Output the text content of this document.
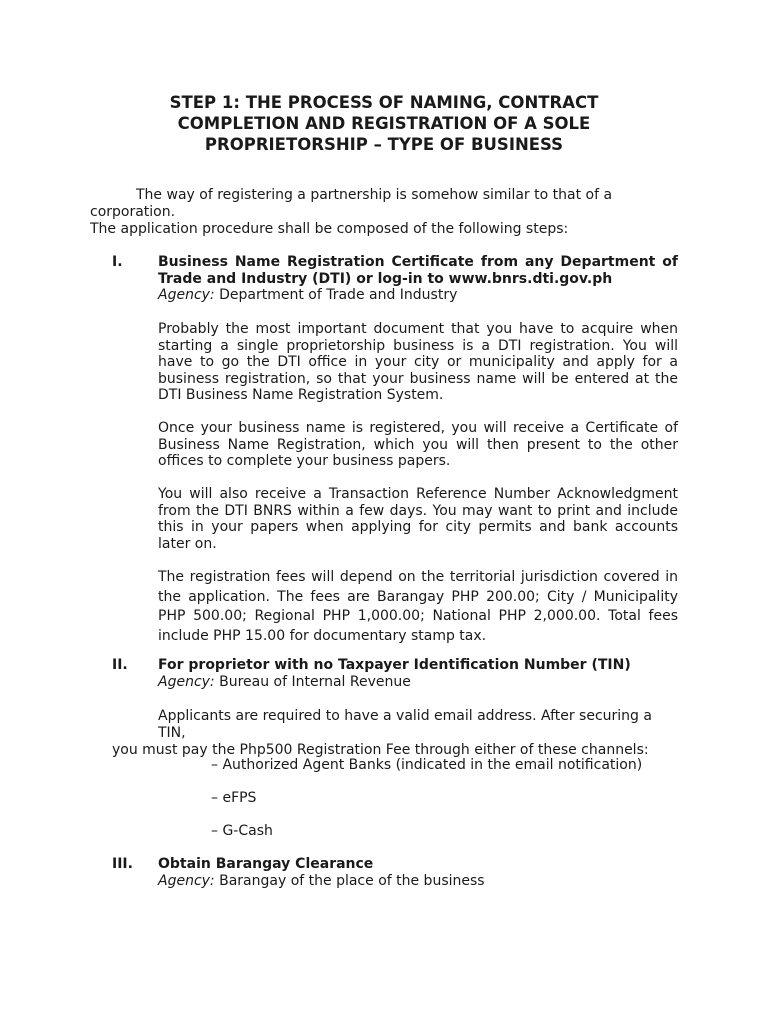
STEP 1: THE PROCESS OF NAMING, CONTRACT
COMPLETION AND REGISTRATION OF A SOLE
PROPRIETORSHIP – TYPE OF BUSINESS
The way of registering a partnership is somehow similar to that of a
corporation.
The application procedure shall be composed of the following steps:
I.	Business Name Registration Certificate from any Department of Trade and Industry (DTI) or log-in to www.bnrs.dti.gov.ph
Agency: Department of Trade and Industry
Probably the most important document that you have to acquire when starting a single proprietorship business is a DTI registration. You will have to go the DTI office in your city or municipality and apply for a business registration, so that your business name will be entered at the DTI Business Name Registration System.
Once your business name is registered, you will receive a Certificate of Business Name Registration, which you will then present to the other offices to complete your business papers.
You will also receive a Transaction Reference Number Acknowledgment from the DTI BNRS within a few days. You may want to print and include this in your papers when applying for city permits and bank accounts later on.
The registration fees will depend on the territorial jurisdiction covered in the application. The fees are Barangay PHP 200.00; City / Municipality PHP 500.00; Regional PHP 1,000.00; National PHP 2,000.00. Total fees include PHP 15.00 for documentary stamp tax.
II. For proprietor with no Taxpayer Identification Number (TIN)
Agency: Bureau of Internal Revenue
Applicants are required to have a valid email address. After securing a TIN,
you must pay the Php500 Registration Fee through either of these channels:
– Authorized Agent Banks (indicated in the email notification)
– eFPS
– G-Cash
III. Obtain Barangay Clearance
Agency: Barangay of the place of the business
